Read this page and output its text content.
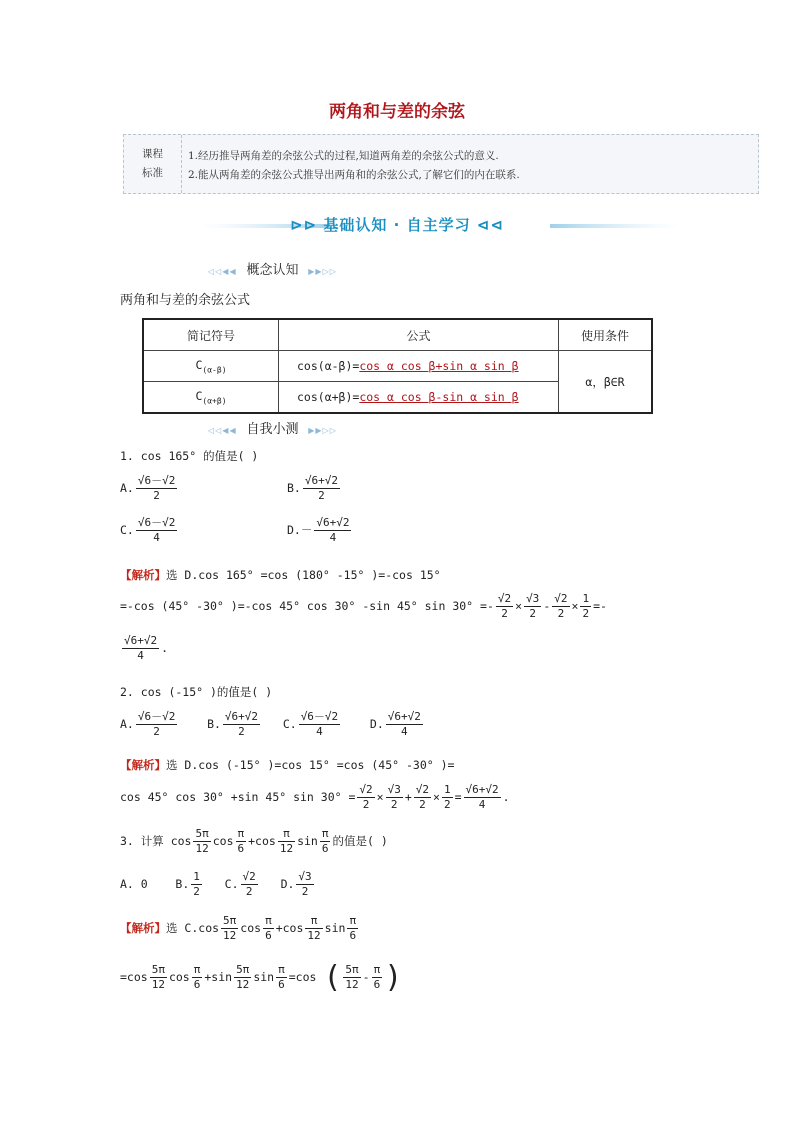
两角和与差的余弦
课程
标准
1.经历推导两角差的余弦公式的过程,知道两角差的余弦公式的意义.
2.能从两角差的余弦公式推导出两角和的余弦公式,了解它们的内在联系.
⊳⊳ 基础认知 · 自主学习 ⊲⊲
◁◁◀◀ 概念认知 ▶▶▷▷
两角和与差的余弦公式
简记符号	公式	使用条件
$C_{(\alpha-\beta)}$	cos(α-β)=cos α cos β+sin α sin β	α，β∈R
$C_{(\alpha+\beta)}$	cos(α+β)=cos α cos β-sin α sin β	
◁◁◀◀ 自我小测 ▶▶▷▷
1. cos 165° 的值是( )
A. $\frac{√6-√2}{2}$	B. $\frac{√6+√2}{2}$
C. $\frac{√6-√2}{4}$	$D.- \frac{√6+√2}{4}$
【解析】选 D.cos 165° =cos (180° -15° )=-cos 15°
=-cos (45° -30° )=-cos 45° cos 30° -sin 45° $\sin 30^\circ =- \frac{√2}{2} \times \frac{√3}{2} - \frac{√2}{2} \times \frac{1}{2}$ =-
$\frac{√6+√2}{4}$ .
2. cos (-15° )的值是( )
A. $\frac{√6-√2}{2}$	B. $\frac{√6+√2}{2} C$. $\frac{√6-√2}{4}$	D. $\frac{√6+√2}{4}$
【解析】选 D.cos (-15° )=cos 15° =cos (45° -30° )=
cos 45° cos 30° +sin 45° $\sin 30^\circ = \frac{√2}{2} \times \frac{√3}{2} + \frac{√2}{2} \times \frac{1}{2} = \frac{√6+√2}{4}$ .
3. 计算 $\cos \frac{5\pi}{12}$ $\cos \frac{\pi}{6} +\cos \frac{\pi}{12}$ $\sin \frac{\pi}{6}$ 的值是( )
A. 0 B. $\frac{1}{2} C$. $\frac{√2}{2} D$. $\frac{√3}{2}$
【解析】选 $C.\cos \frac{5\pi}{12}$ $\cos \frac{\pi}{6} +\cos \frac{\pi}{12}$ $\sin \frac{\pi}{6}$
$=\cos \frac{5\pi}{12}$ $\cos \frac{\pi}{6} +\sin \frac{5\pi}{12}$ $\sin \frac{\pi}{6} =\cos$ ( $\frac{5\pi}{12} - \frac{\pi}{6}$ )
